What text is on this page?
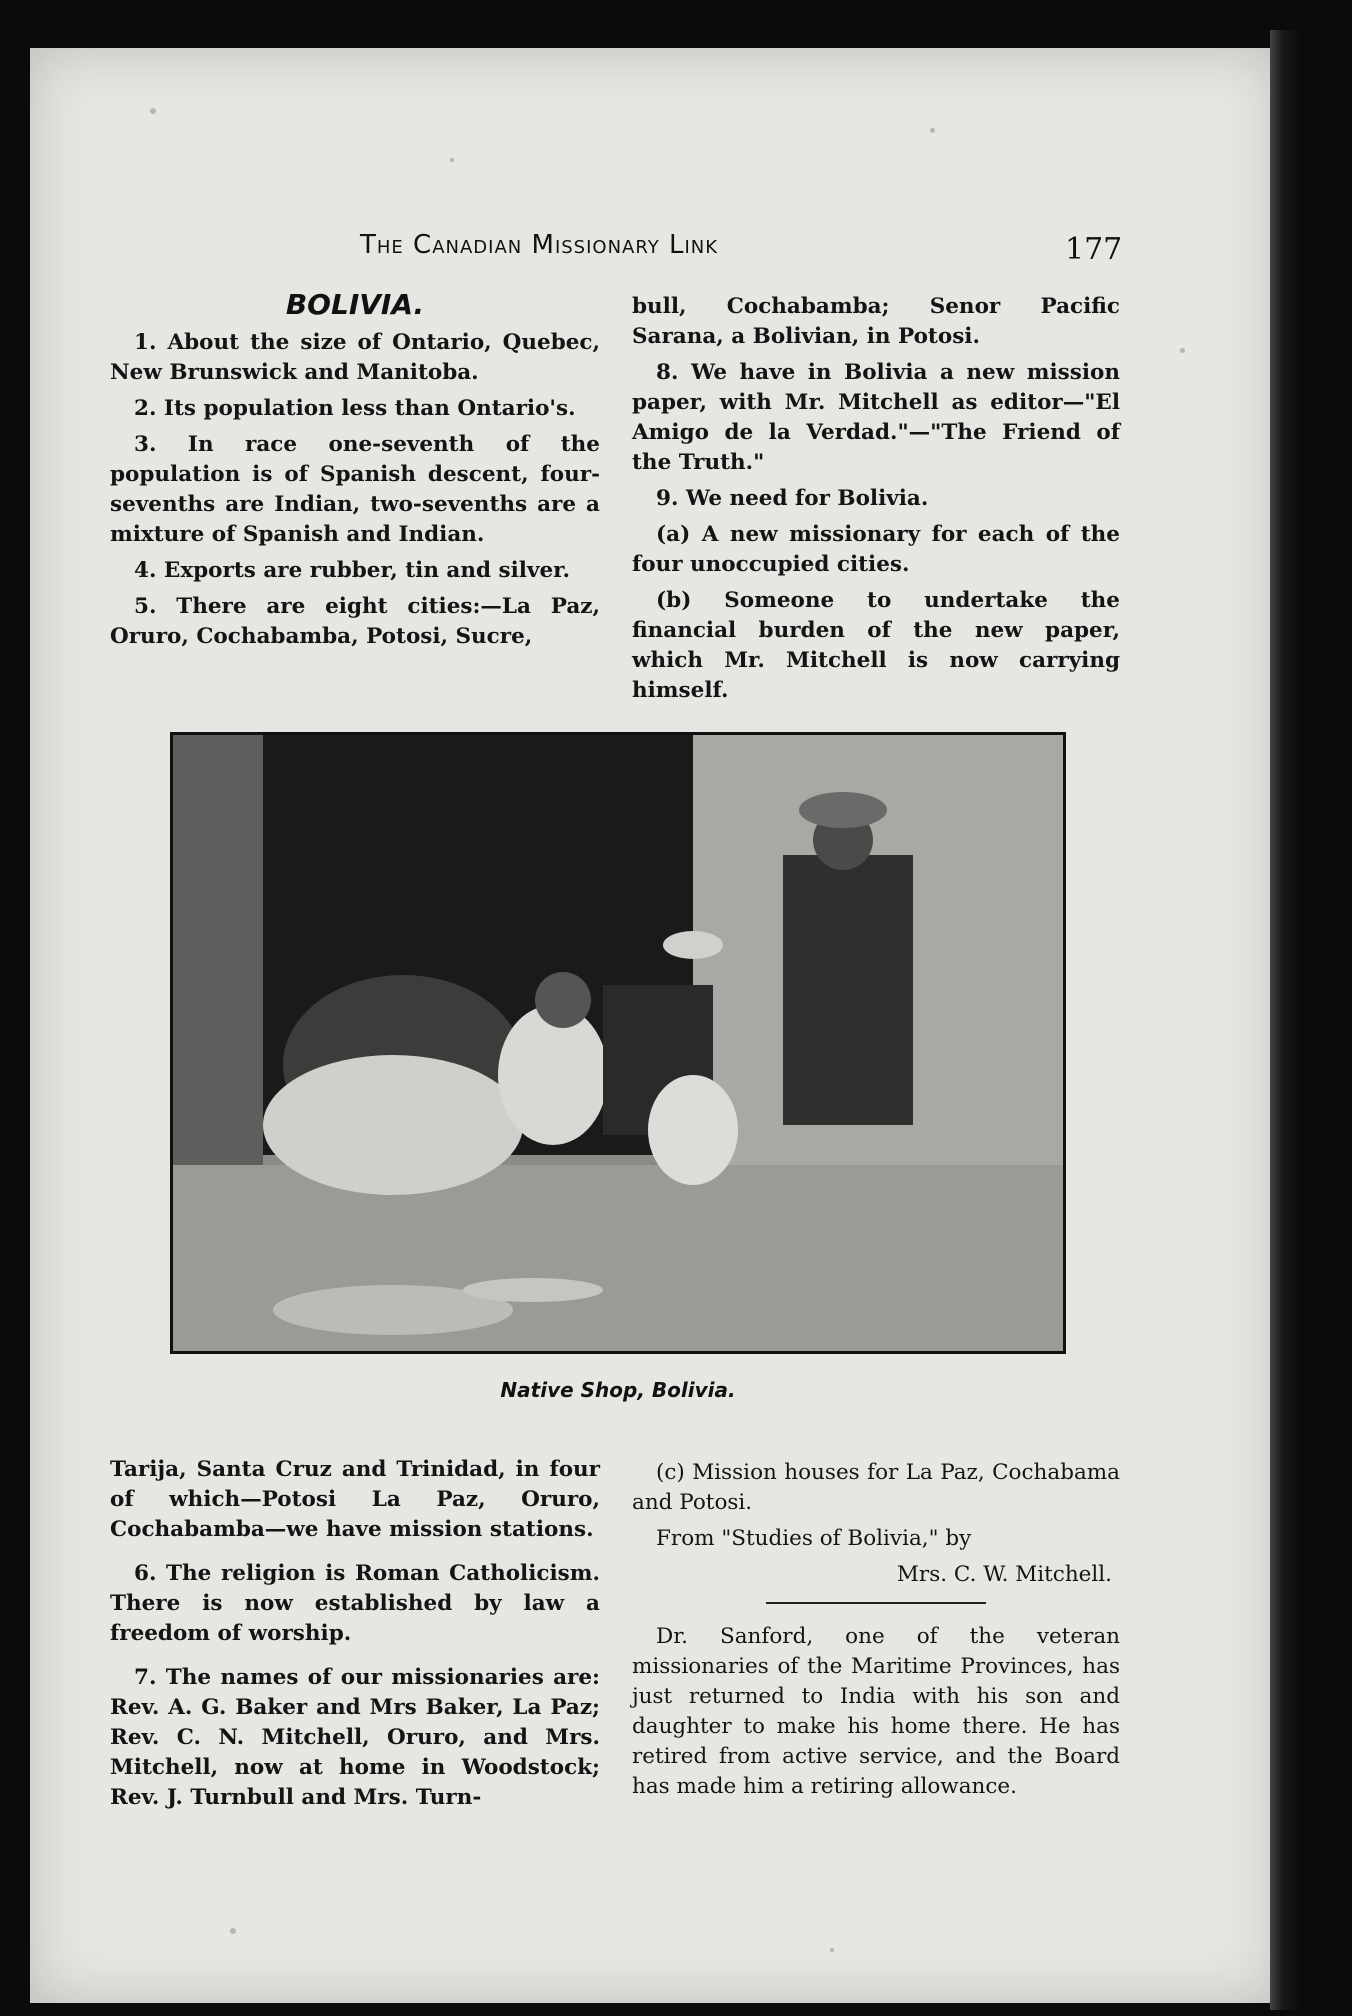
The Canadian Missionary Link	177
BOLIVIA.

1. About the size of Ontario, Quebec, New Brunswick and Manitoba.

2. Its population less than Ontario's.

3. In race one-seventh of the population is of Spanish descent, four-sevenths are Indian, two-sevenths are a mixture of Spanish and Indian.

4. Exports are rubber, tin and silver.

5. There are eight cities:—La Paz, Oruro, Cochabamba, Potosi, Sucre,

bull, Cochabamba; Senor Pacific Sarana, a Bolivian, in Potosi.

8. We have in Bolivia a new mission paper, with Mr. Mitchell as editor—"El Amigo de la Verdad."—"The Friend of the Truth."

9. We need for Bolivia.

(a) A new missionary for each of the four unoccupied cities.

(b) Someone to undertake the financial burden of the new paper, which Mr. Mitchell is now carrying himself.

Native Shop, Bolivia.

Tarija, Santa Cruz and Trinidad, in four of which—Potosi La Paz, Oruro, Cochabamba—we have mission stations.

6. The religion is Roman Catholicism. There is now established by law a freedom of worship.

7. The names of our missionaries are: Rev. A. G. Baker and Mrs Baker, La Paz; Rev. C. N. Mitchell, Oruro, and Mrs. Mitchell, now at home in Woodstock; Rev. J. Turnbull and Mrs. Turn-

(c) Mission houses for La Paz, Cochabama and Potosi.

From "Studies of Bolivia," by

Mrs. C. W. Mitchell.

Dr. Sanford, one of the veteran missionaries of the Maritime Provinces, has just returned to India with his son and daughter to make his home there. He has retired from active service, and the Board has made him a retiring allowance.
